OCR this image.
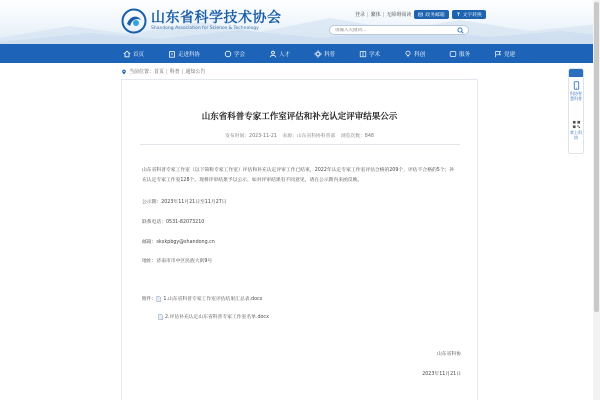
山东省科学技术协会
Shandong Association for Science & Technology
登录 | 繁体 | 无障碍阅读	政务邮箱	文字转换
请输入关键词...
首页	走进科协	学会	人才	科普	学术	科创	服务	党建
当前位置： 首页 | 科普 | 通知公告
山东省科普专家工作室评估和补充认定评审结果公示
发布时间：2023-11-21 来源：山东省科协科普部 浏览次数：848
山东省科普专家工作室（以下简称专家工作室）评估和补充认定评审工作已结束，2022年认定专家工作室评估合格的209个，评估不合格的5个；补充认定专家工作室128个。现将评审结果予以公示，如对评审结果有不同意见，请在公示期内来函反映。
公示期：2023年11月21日至11月27日
联系电话：0531-82073210
邮箱：skxkpbgy@shandong.cn
地址：济南市市中区民族大街9号
附件： 1.山东省科普专家工作室评估结果汇总表.docx
2.评估补充认定山东省科普专家工作室名单.docx
山东省科协
2023年11月21日
科协智慧科普
掌上科协
